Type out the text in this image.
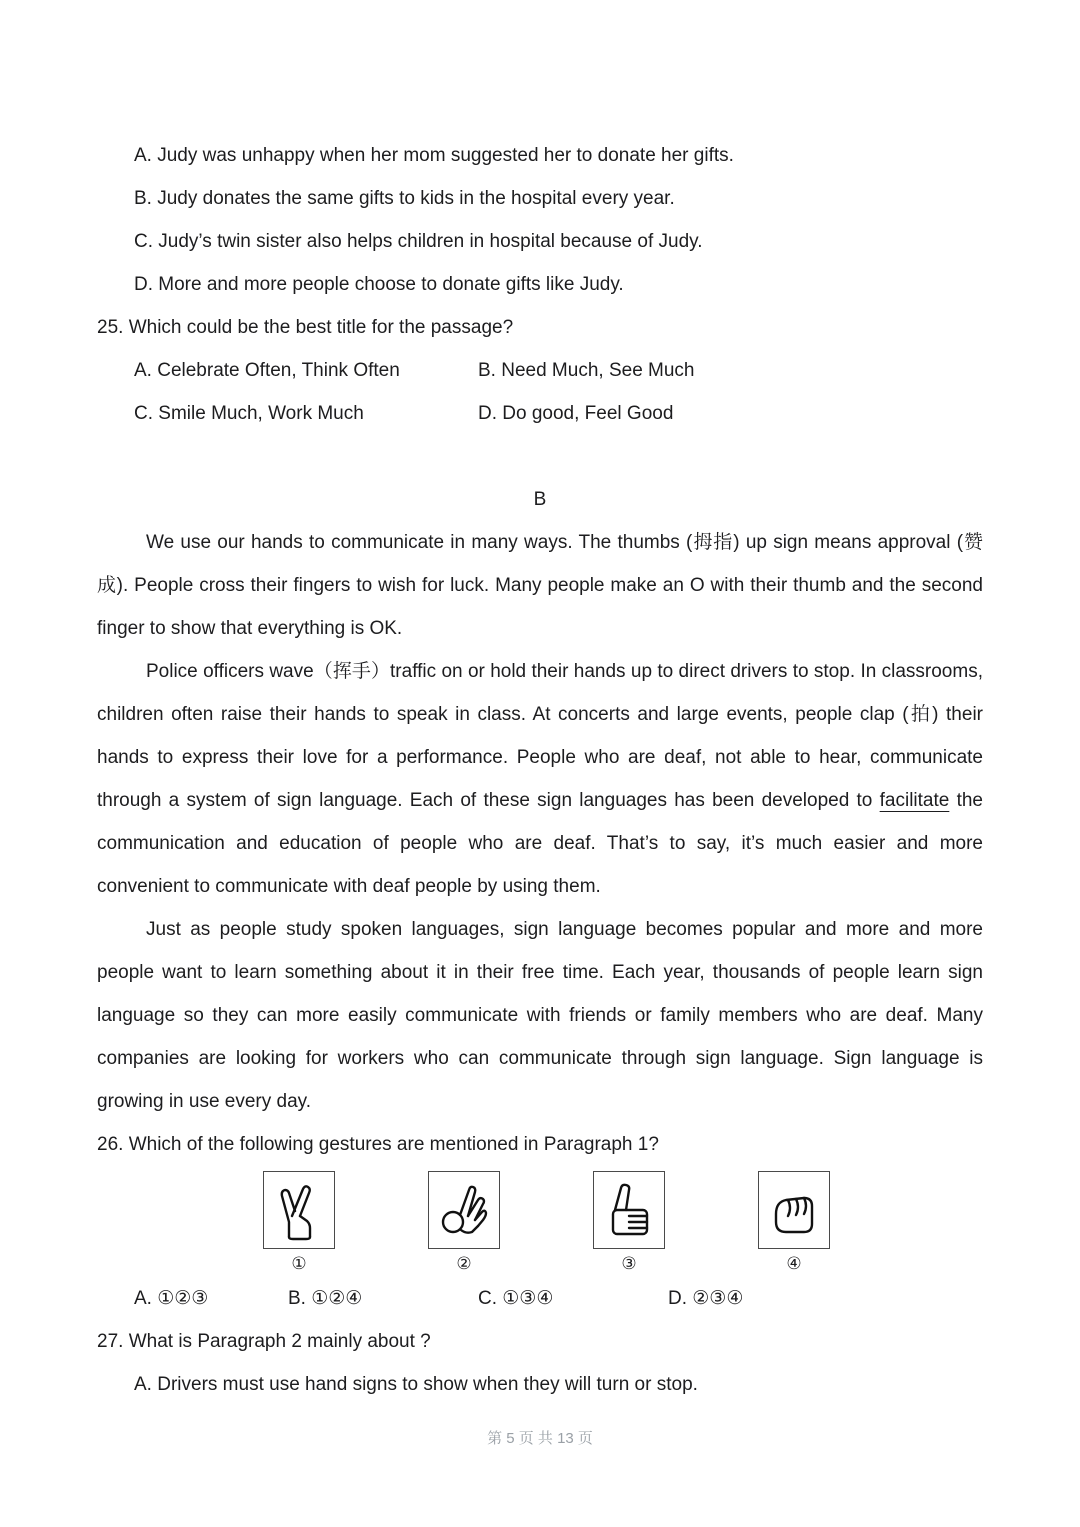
A. Judy was unhappy when her mom suggested her to donate her gifts.
B. Judy donates the same gifts to kids in the hospital every year.
C. Judy’s twin sister also helps children in hospital because of Judy.
D. More and more people choose to donate gifts like Judy.
25. Which could be the best title for the passage?
A. Celebrate Often, Think Often	B. Need Much, See Much
C. Smile Much, Work Much	D. Do good, Feel Good
B

We use our hands to communicate in many ways. The thumbs (拇指) up sign means approval (赞成). People cross their fingers to wish for luck. Many people make an O with their thumb and the second finger to show that everything is OK.

Police officers wave（挥手）traffic on or hold their hands up to direct drivers to stop. In classrooms, children often raise their hands to speak in class. At concerts and large events, people clap (拍) their hands to express their love for a performance. People who are deaf, not able to hear, communicate through a system of sign language. Each of these sign languages has been developed to facilitate the communication and education of people who are deaf. That’s to say, it’s much easier and more convenient to communicate with deaf people by using them.

Just as people study spoken languages, sign language becomes popular and more and more people want to learn something about it in their free time. Each year, thousands of people learn sign language so they can more easily communicate with friends or family members who are deaf. Many companies are looking for workers who can communicate through sign language. Sign language is growing in use every day.

26. Which of the following gestures are mentioned in Paragraph 1?
①	②	③	④
A. ①②③	B. ①②④	C. ①③④	D. ②③④
27. What is Paragraph 2 mainly about ?
A. Drivers must use hand signs to show when they will turn or stop.
第 5 页 共 13 页
